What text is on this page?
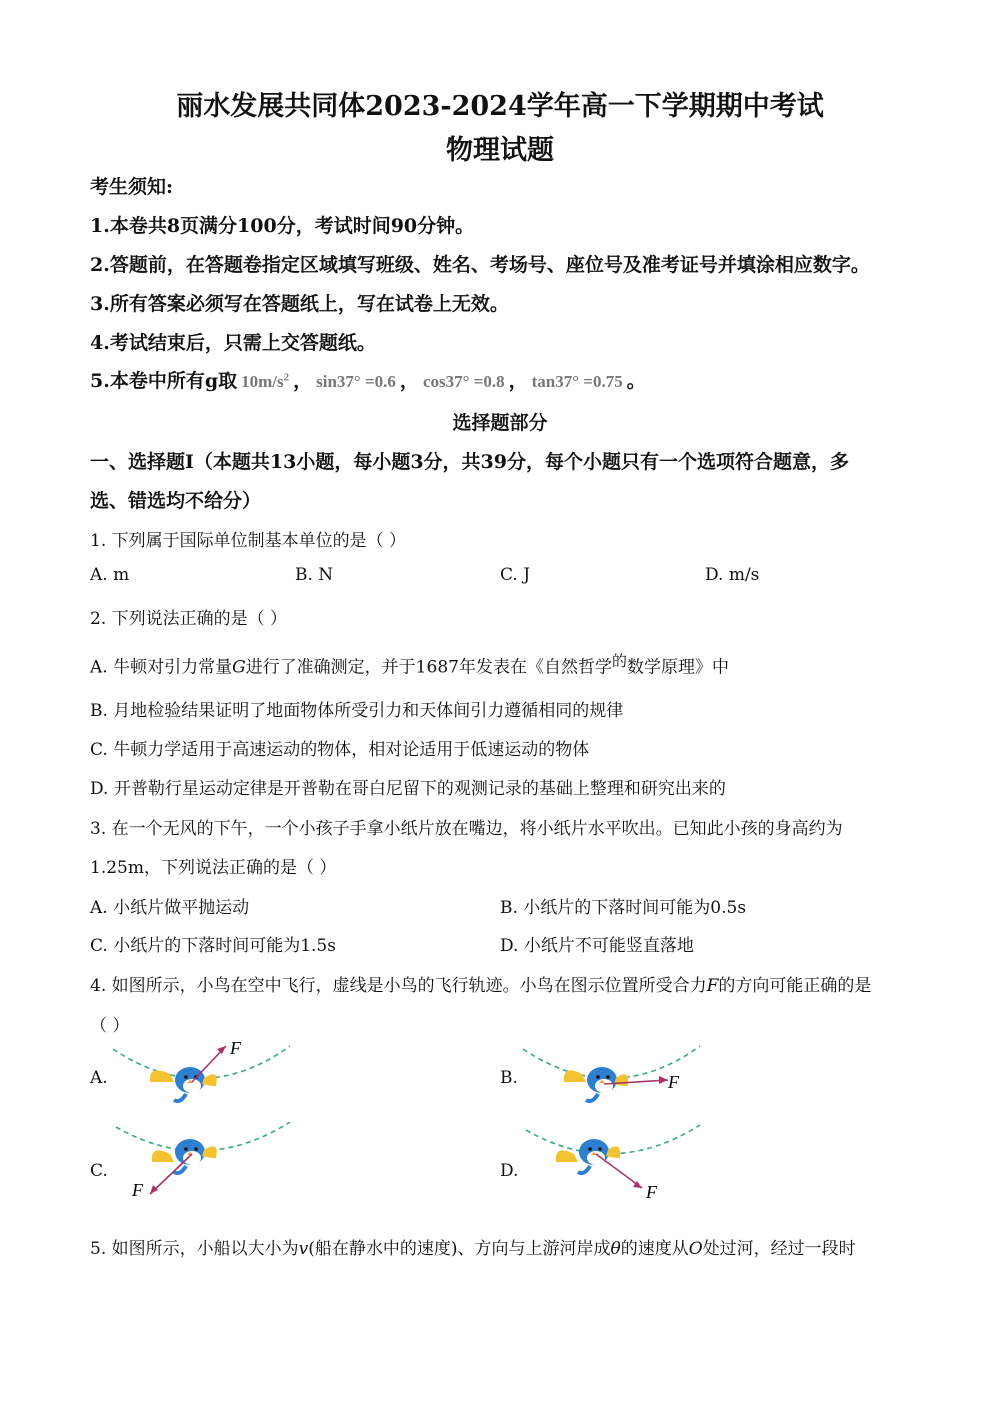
丽水发展共同体2023-2024学年高一下学期期中考试
物理试题
考生须知:
1.本卷共8页满分100分，考试时间90分钟。
2.答题前，在答题卷指定区域填写班级、姓名、考场号、座位号及准考证号并填涂相应数字。
3.所有答案必须写在答题纸上，写在试卷上无效。
4.考试结束后，只需上交答题纸。
5.本卷中所有g取 $10m/s^2$ ， sin37° =0.6 ， cos37° =0.8 ， tan37° =0.75 。
选择题部分
一、选择题I（本题共13小题，每小题3分，共39分，每个小题只有一个选项符合题意，多
选、错选均不给分）
1. 下列属于国际单位制基本单位的是（ ）
A. m	B. N	C. J	D. m/s
2. 下列说法正确的是（ ）
A. 牛顿对引力常量G进行了准确测定，并于1687年发表在《自然哲学$^的$数学原理》中
B. 月地检验结果证明了地面物体所受引力和天体间引力遵循相同的规律
C. 牛顿力学适用于高速运动的物体，相对论适用于低速运动的物体
D. 开普勒行星运动定律是开普勒在哥白尼留下的观测记录的基础上整理和研究出来的
3. 在一个无风的下午，一个小孩子手拿小纸片放在嘴边，将小纸片水平吹出。已知此小孩的身高约为
1.25m，下列说法正确的是（ ）
A. 小纸片做平抛运动	B. 小纸片的下落时间可能为0.5s
C. 小纸片的下落时间可能为1.5s	D. 小纸片不可能竖直落地
4. 如图所示，小鸟在空中飞行，虚线是小鸟的飞行轨迹。小鸟在图示位置所受合力F的方向可能正确的是
（ ）
A.	B.
C.	D.
F
F
F	F
5. 如图所示，小船以大小为v(船在静水中的速度)、方向与上游河岸成θ的速度从O处过河，经过一段时
